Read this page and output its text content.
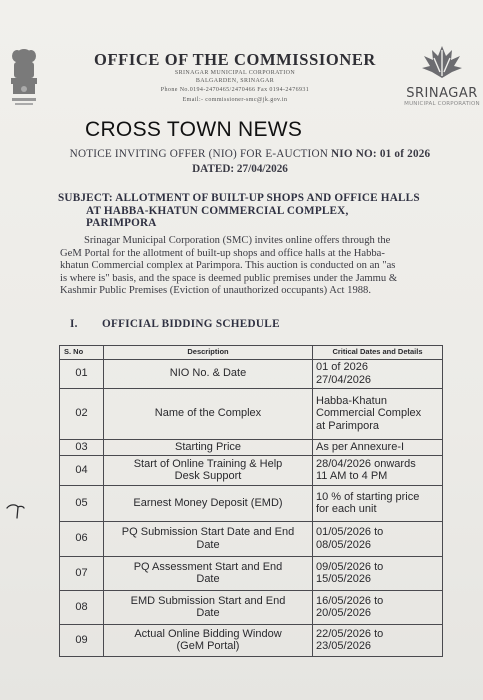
SRINAGAR
MUNICIPAL CORPORATION
OFFICE OF THE COMMISSIONER
SRINAGAR MUNICIPAL CORPORATION
BALGARDEN, SRINAGAR
Phone No.0194-2470465/2470466 Fax 0194-2476931
Email:- commissioner-smc@jk.gov.in
CROSS TOWN NEWS
NOTICE INVITING OFFER (NIO) FOR E-AUCTION NIO NO: 01 of 2026
DATED: 27/04/2026
SUBJECT: ALLOTMENT OF BUILT-UP SHOPS AND OFFICE HALLS
AT HABBA-KHATUN COMMERCIAL COMPLEX,
PARIMPORA
Srinagar Municipal Corporation (SMC) invites online offers through the
GeM Portal for the allotment of built-up shops and office halls at the Habba-
khatun Commercial complex at Parimpora. This auction is conducted on an "as
is where is" basis, and the space is deemed public premises under the Jammu &
Kashmir Public Premises (Eviction of unauthorized occupants) Act 1988.
I. OFFICIAL BIDDING SCHEDULE
S. No	Description	Critical Dates and Details
01	NIO No. & Date	01 of 2026
27/04/2026
02	Name of the Complex	Habba-Khatun
Commercial Complex
at Parimpora
03	Starting Price	As per Annexure-I
04	Start of Online Training & Help
Desk Support	28/04/2026 onwards
11 AM to 4 PM
05	Earnest Money Deposit (EMD)	10 % of starting price
for each unit
06	PQ Submission Start Date and End
Date	01/05/2026 to
08/05/2026
07	PQ Assessment Start and End
Date	09/05/2026 to
15/05/2026
08	EMD Submission Start and End
Date	16/05/2026 to
20/05/2026
09	Actual Online Bidding Window
(GeM Portal)	22/05/2026 to
23/05/2026
